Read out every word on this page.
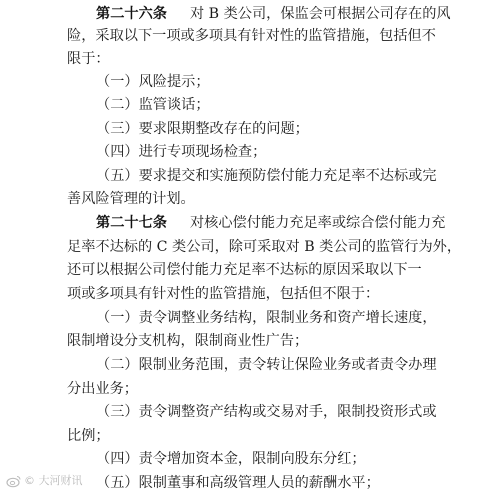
第二十六条 对 B 类公司，保监会可根据公司存在的风
险，采取以下一项或多项具有针对性的监管措施，包括但不
限于：
（一）风险提示；
（二）监管谈话；
（三）要求限期整改存在的问题；
（四）进行专项现场检查；
（五）要求提交和实施预防偿付能力充足率不达标或完
善风险管理的计划。
第二十七条 对核心偿付能力充足率或综合偿付能力充
足率不达标的 C 类公司，除可采取对 B 类公司的监管行为外，
还可以根据公司偿付能力充足率不达标的原因采取以下一
项或多项具有针对性的监管措施，包括但不限于：
（一）责令调整业务结构，限制业务和资产增长速度，
限制增设分支机构，限制商业性广告；
（二）限制业务范围，责令转让保险业务或者责令办理
分出业务；
（三）责令调整资产结构或交易对手，限制投资形式或
比例；
（四）责令增加资本金，限制向股东分红；
（五）限制董事和高级管理人员的薪酬水平；
© 大河财讯
